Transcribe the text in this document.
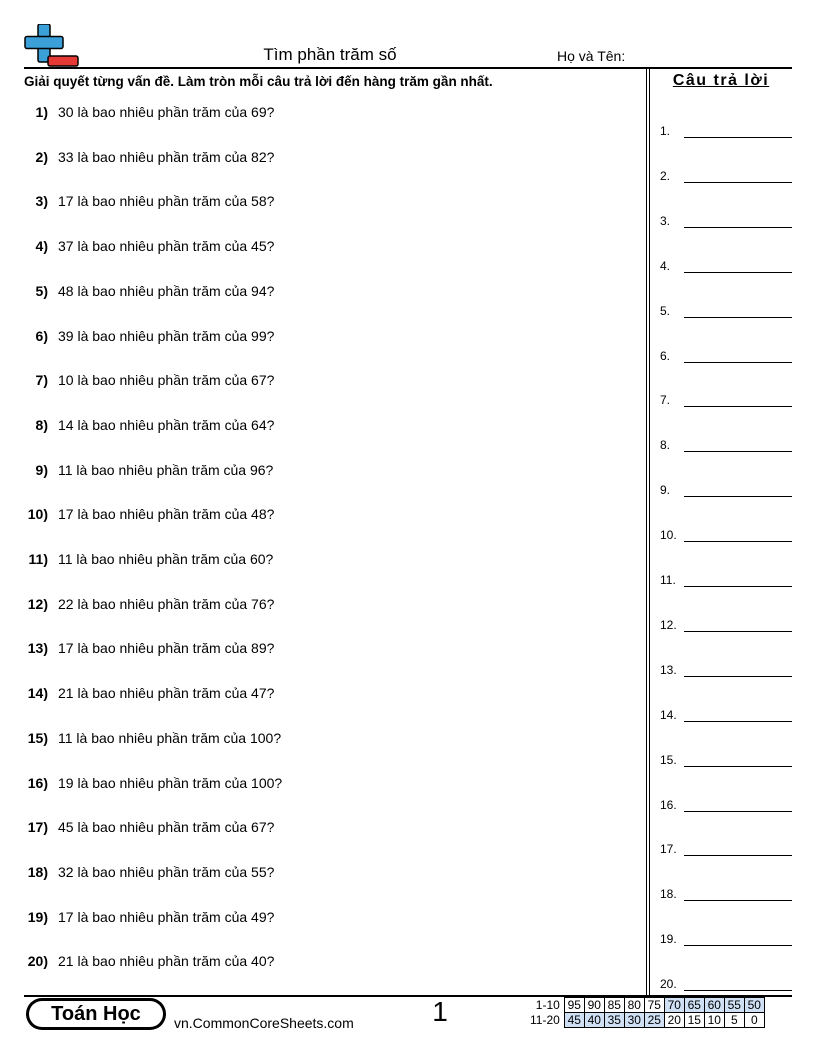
Tìm phần trăm số	Họ và Tên:
Giải quyết từng vấn đề. Làm tròn mỗi câu trả lời đến hàng trăm gần nhất.	Câu trả lời
1) 30 là bao nhiêu phần trăm của 69?
2) 33 là bao nhiêu phần trăm của 82?
3) 17 là bao nhiêu phần trăm của 58?
4) 37 là bao nhiêu phần trăm của 45?
5) 48 là bao nhiêu phần trăm của 94?
6) 39 là bao nhiêu phần trăm của 99?
7) 10 là bao nhiêu phần trăm của 67?
8) 14 là bao nhiêu phần trăm của 64?
9) 11 là bao nhiêu phần trăm của 96?
10) 17 là bao nhiêu phần trăm của 48?
11) 11 là bao nhiêu phần trăm của 60?
12) 22 là bao nhiêu phần trăm của 76?
13) 17 là bao nhiêu phần trăm của 89?
14) 21 là bao nhiêu phần trăm của 47?
15) 11 là bao nhiêu phần trăm của 100?
16) 19 là bao nhiêu phần trăm của 100?
17) 45 là bao nhiêu phần trăm của 67?
18) 32 là bao nhiêu phần trăm của 55?
19) 17 là bao nhiêu phần trăm của 49?
20) 21 là bao nhiêu phần trăm của 40?
1.
2.
3.
4.
5.
6.
7.
8.
9.
10.
11.
12.
13.
14.
15.
16.
17.
18.
19.
20.
Toán Học	vn.CommonCoreSheets.com	1	1-10	95	90	85	80	75	70	65	60	55	50
11-20	45	40	35	30	25	20	15	10	5	0
